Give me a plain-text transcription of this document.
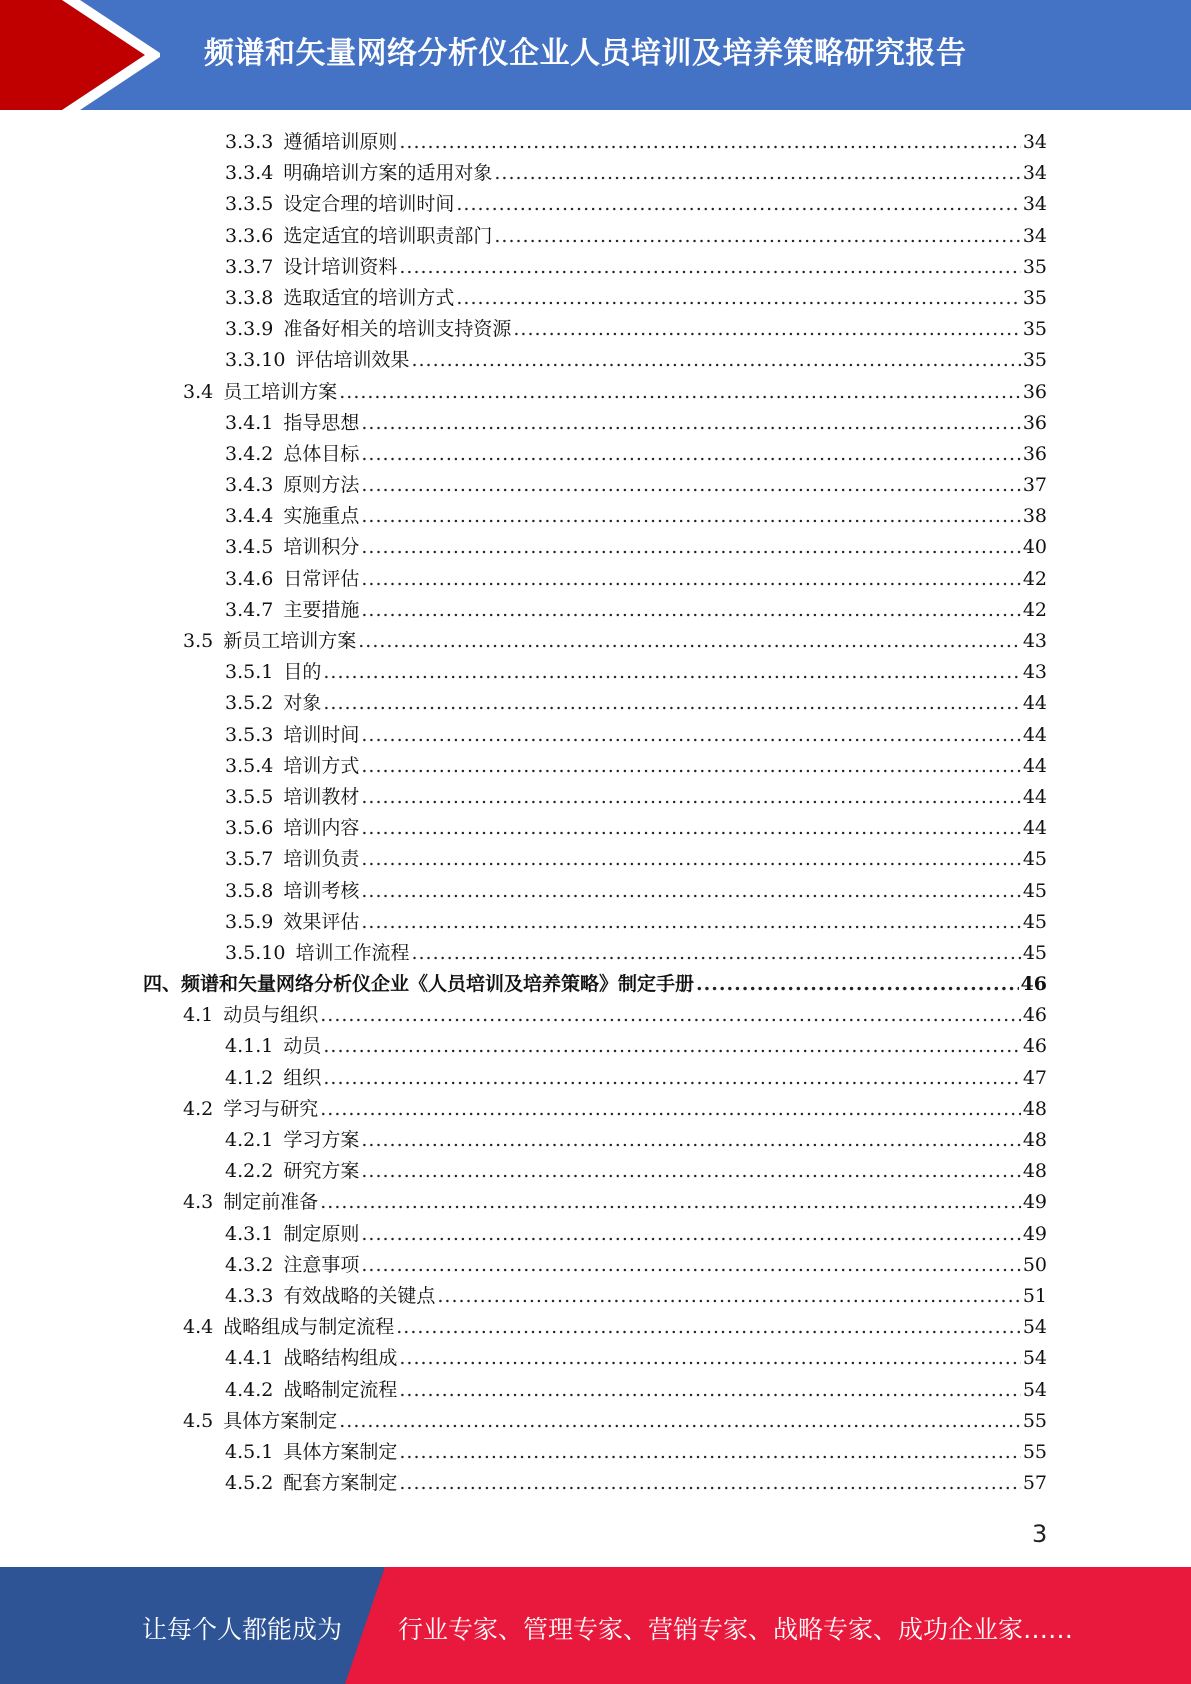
频谱和矢量网络分析仪企业人员培训及培养策略研究报告
3.3.3 遵循培训原则 .....	34
3.3.4 明确培训方案的适用对象 .....	34
3.3.5 设定合理的培训时间 .....	34
3.3.6 选定适宜的培训职责部门 .....	34
3.3.7 设计培训资料 .....	35
3.3.8 选取适宜的培训方式 .....	35
3.3.9 准备好相关的培训支持资源 .....	35
3.3.10 评估培训效果 .....	35
3.4 员工培训方案 .....	36
3.4.1 指导思想 .....	36
3.4.2 总体目标 .....	36
3.4.3 原则方法 .....	37
3.4.4 实施重点 .....	38
3.4.5 培训积分 .....	40
3.4.6 日常评估 .....	42
3.4.7 主要措施 .....	42
3.5 新员工培训方案 .....	43
3.5.1 目的 .....	43
3.5.2 对象 .....	44
3.5.3 培训时间 .....	44
3.5.4 培训方式 .....	44
3.5.5 培训教材 .....	44
3.5.6 培训内容 .....	44
3.5.7 培训负责 .....	45
3.5.8 培训考核 .....	45
3.5.9 效果评估 .....	45
3.5.10 培训工作流程 .....	45
四、频谱和矢量网络分析仪企业《人员培训及培养策略》制定手册 .....	46
4.1 动员与组织 .....	46
4.1.1 动员 .....	46
4.1.2 组织 .....	47
4.2 学习与研究 .....	48
4.2.1 学习方案 .....	48
4.2.2 研究方案 .....	48
4.3 制定前准备 .....	49
4.3.1 制定原则 .....	49
4.3.2 注意事项 .....	50
4.3.3 有效战略的关键点 .....	51
4.4 战略组成与制定流程 .....	54
4.4.1 战略结构组成 .....	54
4.4.2 战略制定流程 .....	54
4.5 具体方案制定 .....	55
4.5.1 具体方案制定 .....	55
4.5.2 配套方案制定 .....	57
3
让每个人都能成为 行业专家、管理专家、营销专家、战略专家、成功企业家……
